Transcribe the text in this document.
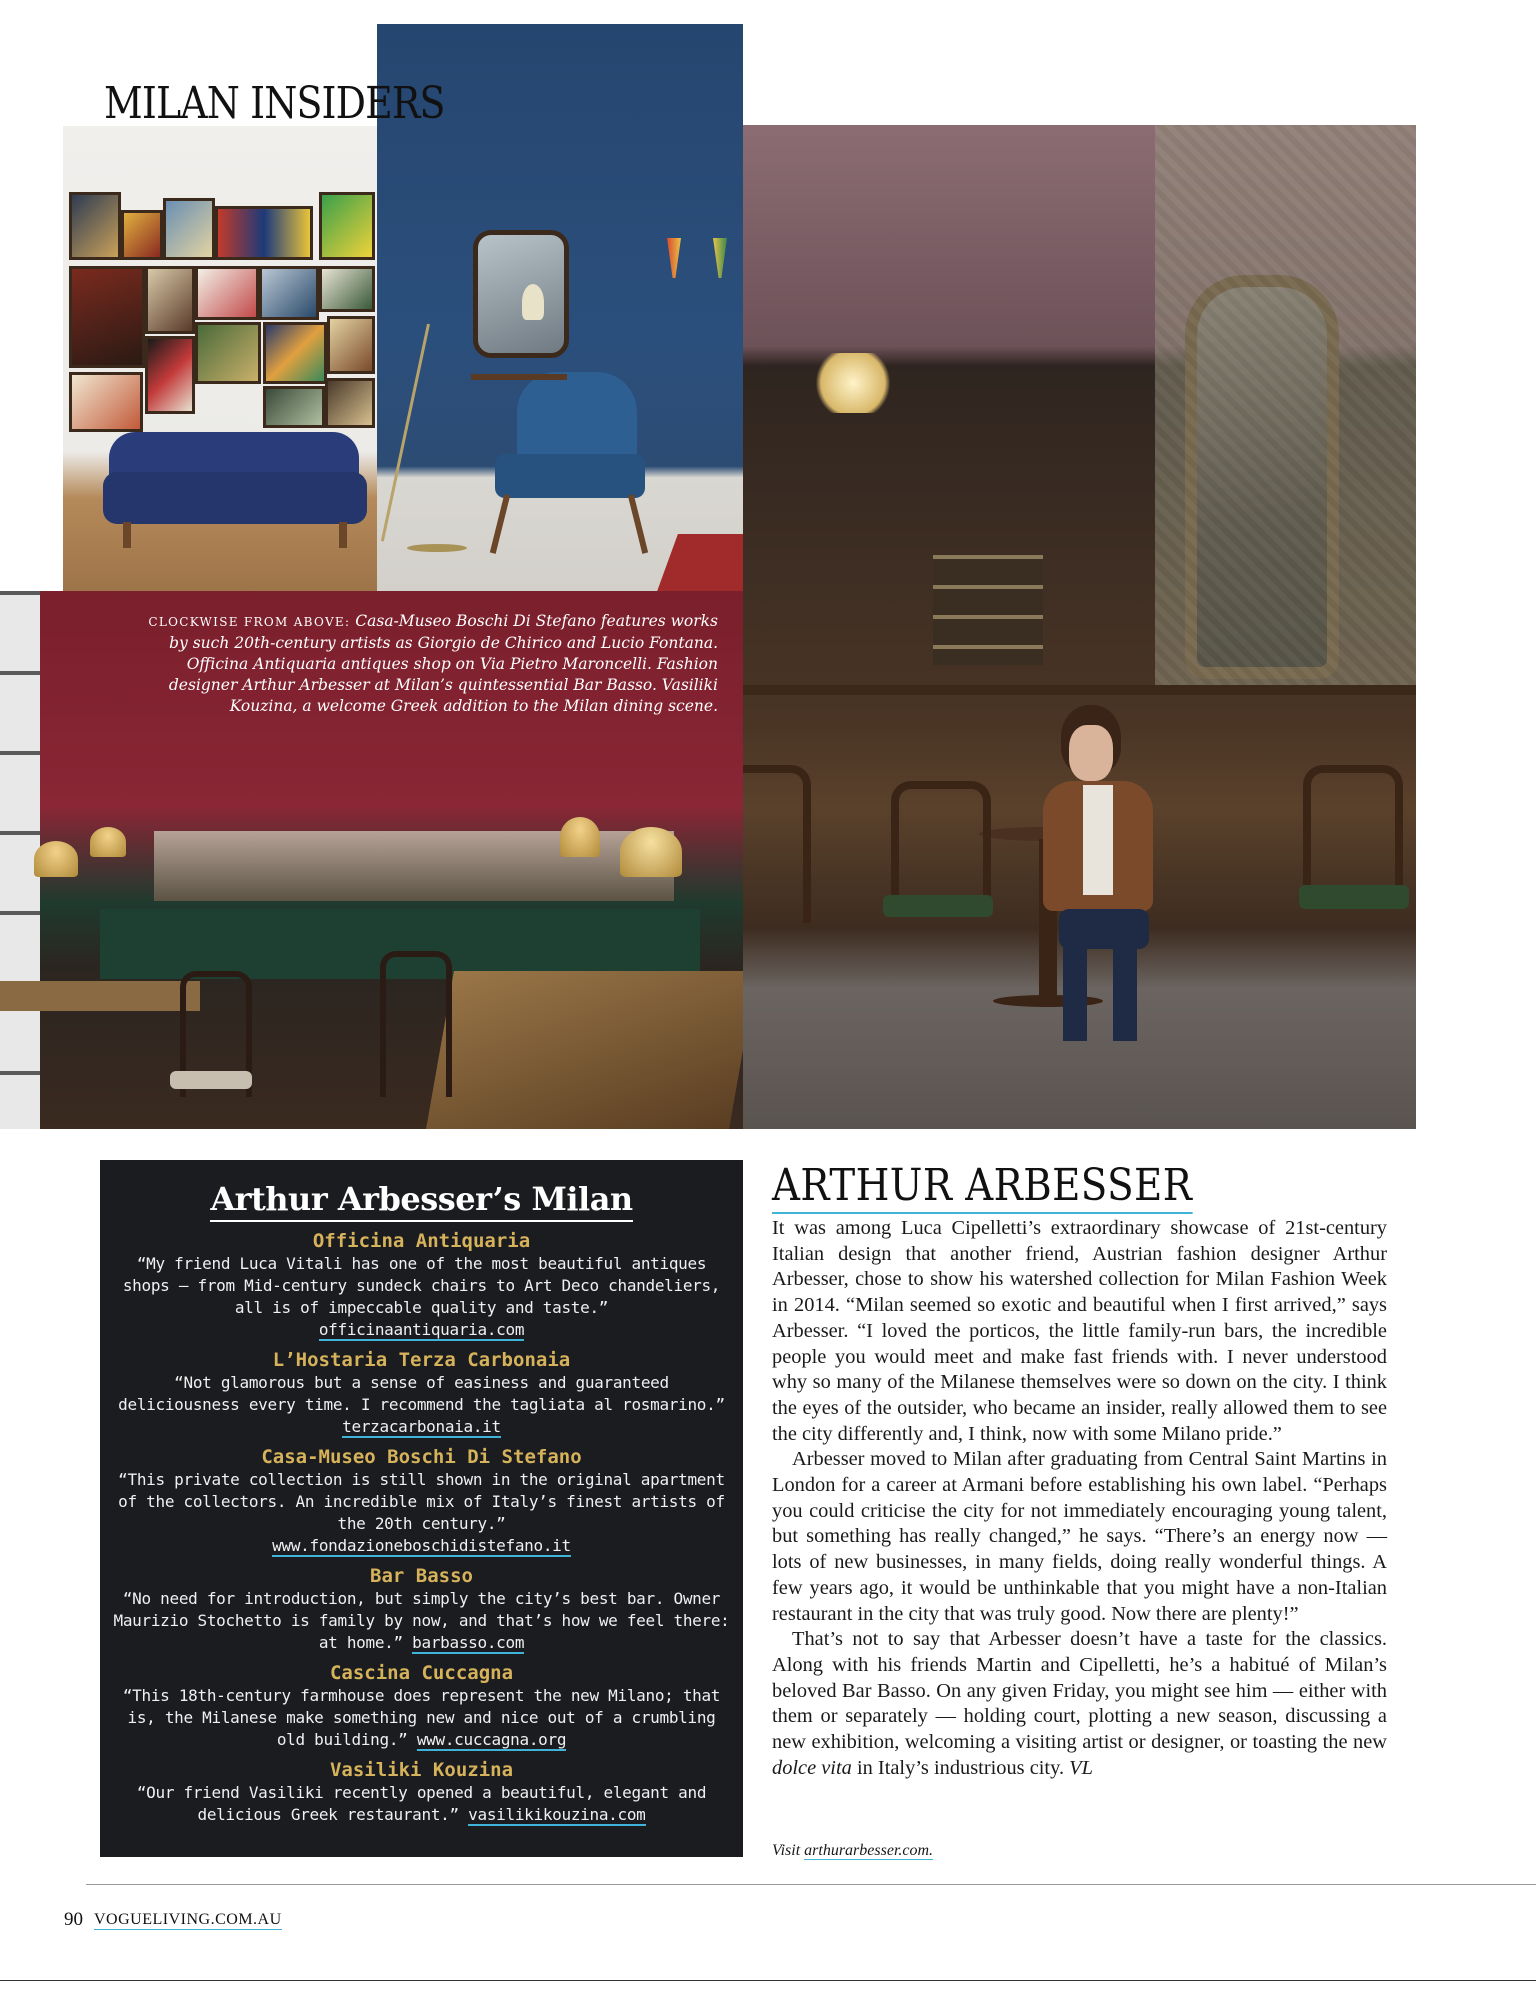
MILAN INSIDERS
CLOCKWISE FROM ABOVE: Casa-Museo Boschi Di Stefano features works by such 20th-century artists as Giorgio de Chirico and Lucio Fontana. Officina Antiquaria antiques shop on Via Pietro Maroncelli. Fashion designer Arthur Arbesser at Milan’s quintessential Bar Basso. Vasiliki Kouzina, a welcome Greek addition to the Milan dining scene.
Arthur Arbesser’s Milan
Officina Antiquaria
“My friend Luca Vitali has one of the most beautiful antiques shops — from Mid-century sundeck chairs to Art Deco chandeliers, all is of impeccable quality and taste.”
officinaantiquaria.com
L’Hostaria Terza Carbonaia
“Not glamorous but a sense of easiness and guaranteed deliciousness every time. I recommend the tagliata al rosmarino.” terzacarbonaia.it
Casa-Museo Boschi Di Stefano
“This private collection is still shown in the original apartment of the collectors. An incredible mix of Italy’s finest artists of the 20th century.”
www.fondazioneboschidistefano.it
Bar Basso
“No need for introduction, but simply the city’s best bar. Owner Maurizio Stochetto is family by now, and that’s how we feel there: at home.” barbasso.com
Cascina Cuccagna
“This 18th-century farmhouse does represent the new Milano; that is, the Milanese make something new and nice out of a crumbling old building.” www.cuccagna.org
Vasiliki Kouzina
“Our friend Vasiliki recently opened a beautiful, elegant and delicious Greek restaurant.” vasilikikouzina.com
ARTHUR ARBESSER

It was among Luca Cipelletti’s extraordinary showcase of 21st-century Italian design that another friend, Austrian fashion designer Arthur Arbesser, chose to show his watershed collection for Milan Fashion Week in 2014. “Milan seemed so exotic and beautiful when I first arrived,” says Arbesser. “I loved the porticos, the little family-run bars, the incredible people you would meet and make fast friends with. I never understood why so many of the Milanese themselves were so down on the city. I think the eyes of the outsider, who became an insider, really allowed them to see the city differently and, I think, now with some Milano pride.”

Arbesser moved to Milan after graduating from Central Saint Martins in London for a career at Armani before establishing his own label. “Perhaps you could criticise the city for not immediately encouraging young talent, but something has really changed,” he says. “There’s an energy now — lots of new businesses, in many fields, doing really wonderful things. A few years ago, it would be unthinkable that you might have a non-Italian restaurant in the city that was truly good. Now there are plenty!”

That’s not to say that Arbesser doesn’t have a taste for the classics. Along with his friends Martin and Cipelletti, he’s a habitué of Milan’s beloved Bar Basso. On any given Friday, you might see him — either with them or separately — holding court, plotting a new season, discussing a new exhibition, welcoming a visiting artist or designer, or toasting the new dolce vita in Italy’s industrious city. VL

Visit arthurarbesser.com.
90 VOGUELIVING.COM.AU
